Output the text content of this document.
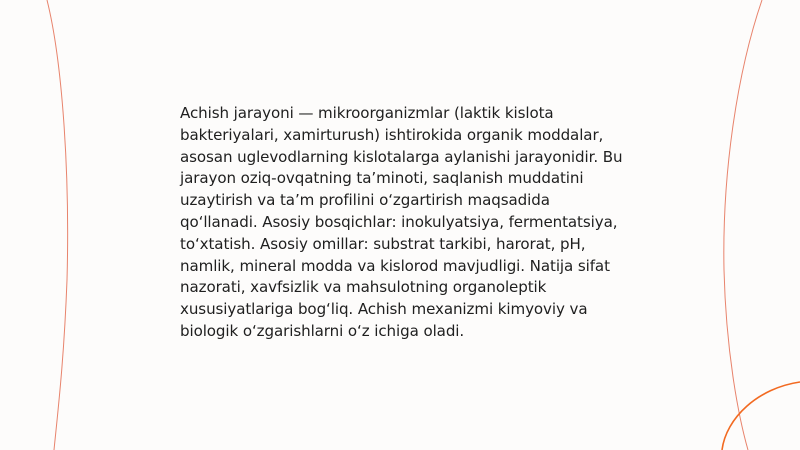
Achish jarayoni — mikroorganizmlar (laktik kislota bakteriyalari, xamirturush) ishtirokida organik moddalar, asosan uglevodlarning kislotalarga aylanishi jarayonidir. Bu jarayon oziq-ovqatning ta’minoti, saqlanish muddatini uzaytirish va ta’m profilini o‘zgartirish maqsadida qo‘llanadi. Asosiy bosqichlar: inokulyatsiya, fermentatsiya, to‘xtatish. Asosiy omillar: substrat tarkibi, harorat, pH, namlik, mineral modda va kislorod mavjudligi. Natija sifat nazorati, xavfsizlik va mahsulotning organoleptik xususiyatlariga bog‘liq. Achish mexanizmi kimyoviy va biologik o‘zgarishlarni o‘z ichiga oladi.
